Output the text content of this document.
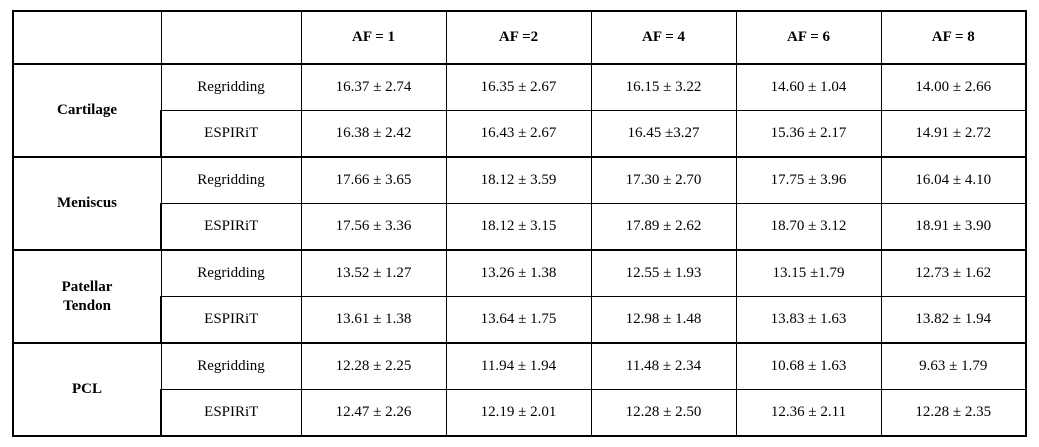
		AF = 1	AF =2	AF = 4	AF = 6	AF = 8
Cartilage	Regridding	16.37 ± 2.74	16.35 ± 2.67	16.15 ± 3.22	14.60 ± 1.04	14.00 ± 2.66
	ESPIRiT	16.38 ± 2.42	16.43 ± 2.67	16.45 ±3.27	15.36 ± 2.17	14.91 ± 2.72
Meniscus	Regridding	17.66 ± 3.65	18.12 ± 3.59	17.30 ± 2.70	17.75 ± 3.96	16.04 ± 4.10
	ESPIRiT	17.56 ± 3.36	18.12 ± 3.15	17.89 ± 2.62	18.70 ± 3.12	18.91 ± 3.90

Patellar
Tendon	Regridding	13.52 ± 1.27	13.26 ± 1.38	12.55 ± 1.93	13.15 ±1.79	12.73 ± 1.62
	ESPIRiT	13.61 ± 1.38	13.64 ± 1.75	12.98 ± 1.48	13.83 ± 1.63	13.82 ± 1.94
PCL	Regridding	12.28 ± 2.25	11.94 ± 1.94	11.48 ± 2.34	10.68 ± 1.63	9.63 ± 1.79
	ESPIRiT	12.47 ± 2.26	12.19 ± 2.01	12.28 ± 2.50	12.36 ± 2.11	12.28 ± 2.35
